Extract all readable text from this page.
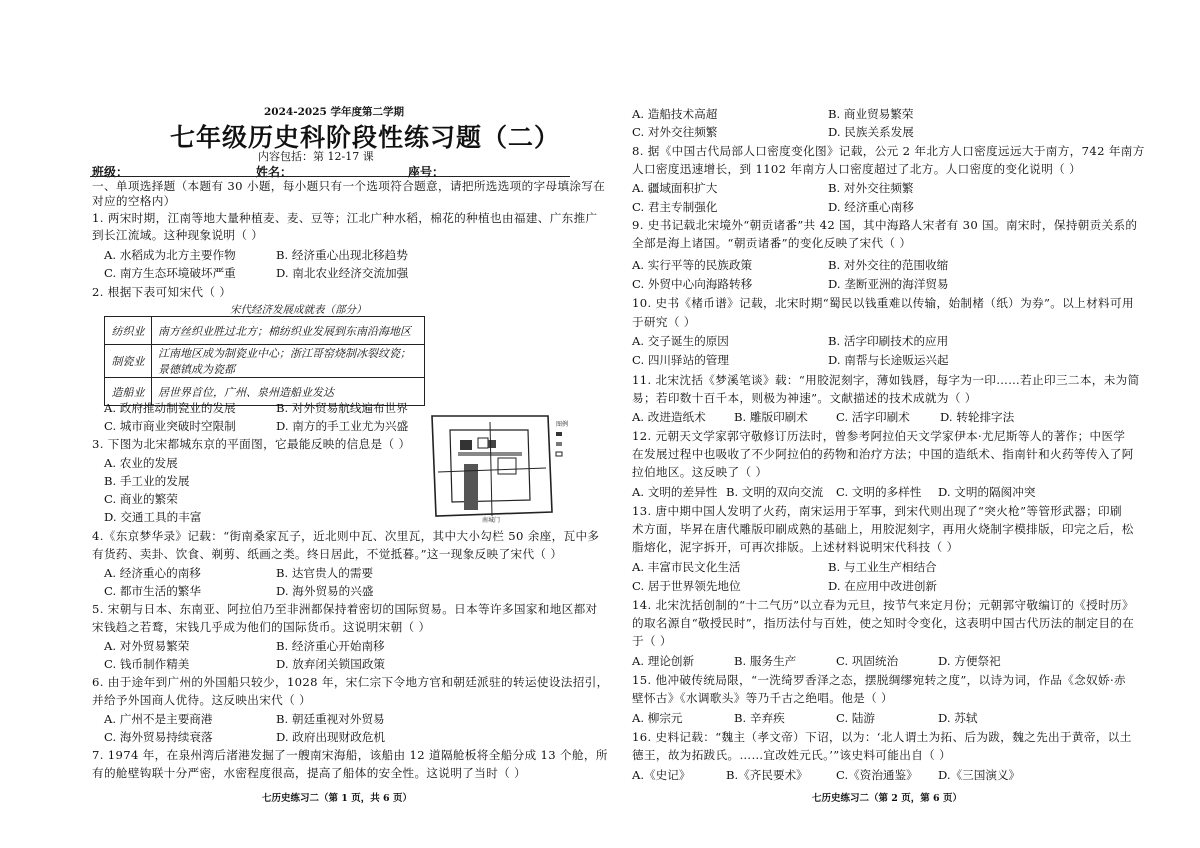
2024-2025 学年度第二学期
七年级历史科阶段性练习题（二）
内容包括：第 12-17 课
班级：	姓名：	座号：
一、单项选择题（本题有 30 小题，每小题只有一个选项符合题意，请把所选选项的字母填涂写在
对应的空格内）
1. 两宋时期，江南等地大量种植麦、麦、豆等；江北广种水稻，棉花的种植也由福建、广东推广
到长江流域。这种现象说明（ ）
A. 水稻成为北方主要作物	B. 经济重心出现北移趋势
C. 南方生态环境破坏严重	D. 南北农业经济交流加强
2. 根据下表可知宋代（ ）
宋代经济发展成就表（部分）
纺织业	南方丝织业胜过北方；棉纺织业发展到东南沿海地区
制瓷业	江南地区成为制瓷业中心；浙江哥窑烧制冰裂纹瓷；景德镇成为瓷都
造船业	居世界首位，广州、泉州造船业发达
A. 政府推动制瓷业的发展	B. 对外贸易航线遍布世界
C. 城市商业突破时空限制	D. 南方的手工业尤为兴盛
3. 下图为北宋都城东京的平面图，它最能反映的信息是（ ）
A. 农业的发展
B. 手工业的发展
C. 商业的繁荣
D. 交通工具的丰富
图例
南城门
4.《东京梦华录》记载：“街南桑家瓦子，近北则中瓦、次里瓦，其中大小勾栏 50 余座，瓦中多
有货药、卖卦、饮食、剃剪、纸画之类。终日居此，不觉抵暮。”这一现象反映了宋代（ ）
A. 经济重心的南移	B. 达官贵人的需要
C. 都市生活的繁华	D. 海外贸易的兴盛
5. 宋朝与日本、东南亚、阿拉伯乃至非洲都保持着密切的国际贸易。日本等许多国家和地区都对
宋钱趋之若鹜，宋钱几乎成为他们的国际货币。这说明宋朝（ ）
A. 对外贸易繁荣	B. 经济重心开始南移
C. 钱币制作精美	D. 放弃闭关锁国政策
6. 由于途年到广州的外国船只较少，1028 年，宋仁宗下令地方官和朝廷派驻的转运使设法招引，
并给予外国商人优待。这反映出宋代（ ）
A. 广州不是主要商港	B. 朝廷重视对外贸易
C. 海外贸易持续衰落	D. 政府出现财政危机
7. 1974 年，在泉州湾后渚港发掘了一艘南宋海船，该船由 12 道隔舱板将全船分成 13 个舱，所
有的舱壁钩联十分严密，水密程度很高，提高了船体的安全性。这说明了当时（ ）
七历史练习二（第 1 页，共 6 页）
A. 造船技术高超	B. 商业贸易繁荣
C. 对外交往频繁	D. 民族关系发展
8. 据《中国古代局部人口密度变化图》记载，公元 2 年北方人口密度远远大于南方，742 年南方
人口密度迅速增长，到 1102 年南方人口密度超过了北方。人口密度的变化说明（ ）
A. 疆域面积扩大	B. 对外交往频繁
C. 君主专制强化	D. 经济重心南移
9. 史书记载北宋境外“朝贡诸番”共 42 国，其中海路人宋者有 30 国。南宋时，保持朝贡关系的
全部是海上诸国。“朝贡诸番”的变化反映了宋代（ ）
A. 实行平等的民族政策	B. 对外交往的范围收缩
C. 外贸中心向海路转移	D. 垄断亚洲的海洋贸易
10. 史书《楮币谱》记载，北宋时期“蜀民以钱重难以传输，始制楮（纸）为券”。以上材料可用
于研究（ ）
A. 交子诞生的原因	B. 活字印刷技术的应用
C. 四川驿站的管理	D. 南帮与长途贩运兴起
11. 北宋沈括《梦溪笔谈》载：“用胶泥刻字，薄如钱唇，每字为一印……若止印三二本，未为简
易；若印数十百千本，则极为神速”。文献描述的技术成就为（ ）
A. 改进造纸术 B. 雕版印刷术 C. 活字印刷术	D. 转轮排字法
12. 元朝天文学家郭守敬修订历法时，曾参考阿拉伯天文学家伊本·尤尼斯等人的著作；中医学
在发展过程中也吸收了不少阿拉伯的药物和治疗方法；中国的造纸术、指南针和火药等传入了阿
拉伯地区。这反映了（ ）
A. 文明的差异性 B. 文明的双向交流 C. 文明的多样性 D. 文明的隔阂冲突
13. 唐中期中国人发明了火药，南宋运用于军事，到宋代则出现了“突火枪”等管形武器；印刷
术方面，毕昇在唐代雕版印刷成熟的基础上，用胶泥刻字，再用火烧制字模排版，印完之后，松
脂熔化，泥字拆开，可再次排版。上述材料说明宋代科技（ ）
A. 丰富市民文化生活	B. 与工业生产相结合
C. 居于世界领先地位	D. 在应用中改进创新
14. 北宋沈括创制的“十二气历”以立春为元旦，按节气来定月份；元朝郭守敬编订的《授时历》
的取名源自“敬授民时”，指历法付与百姓，使之知时令变化，这表明中国古代历法的制定目的在
于（ ）
A. 理论创新	B. 服务生产	C. 巩固统治	D. 方便祭祀
15. 他冲破传统局限，“一洗绮罗香泽之态，摆脱绸缪宛转之度”，以诗为词，作品《念奴娇·赤
壁怀古》《水调歌头》等乃千古之绝唱。他是（ ）
A. 柳宗元	B. 辛弃疾	C. 陆游	D. 苏轼
16. 史料记载：“魏主（孝文帝）下诏，以为：‘北人谓土为拓、后为跋，魏之先出于黄帝，以土
德王，故为拓跋氏。……宜改姓元氏。’”该史料可能出自（ ）
A.《史记》	B.《齐民要术》 C.《资治通鉴》 D.《三国演义》
七历史练习二（第 2 页，第 6 页）
